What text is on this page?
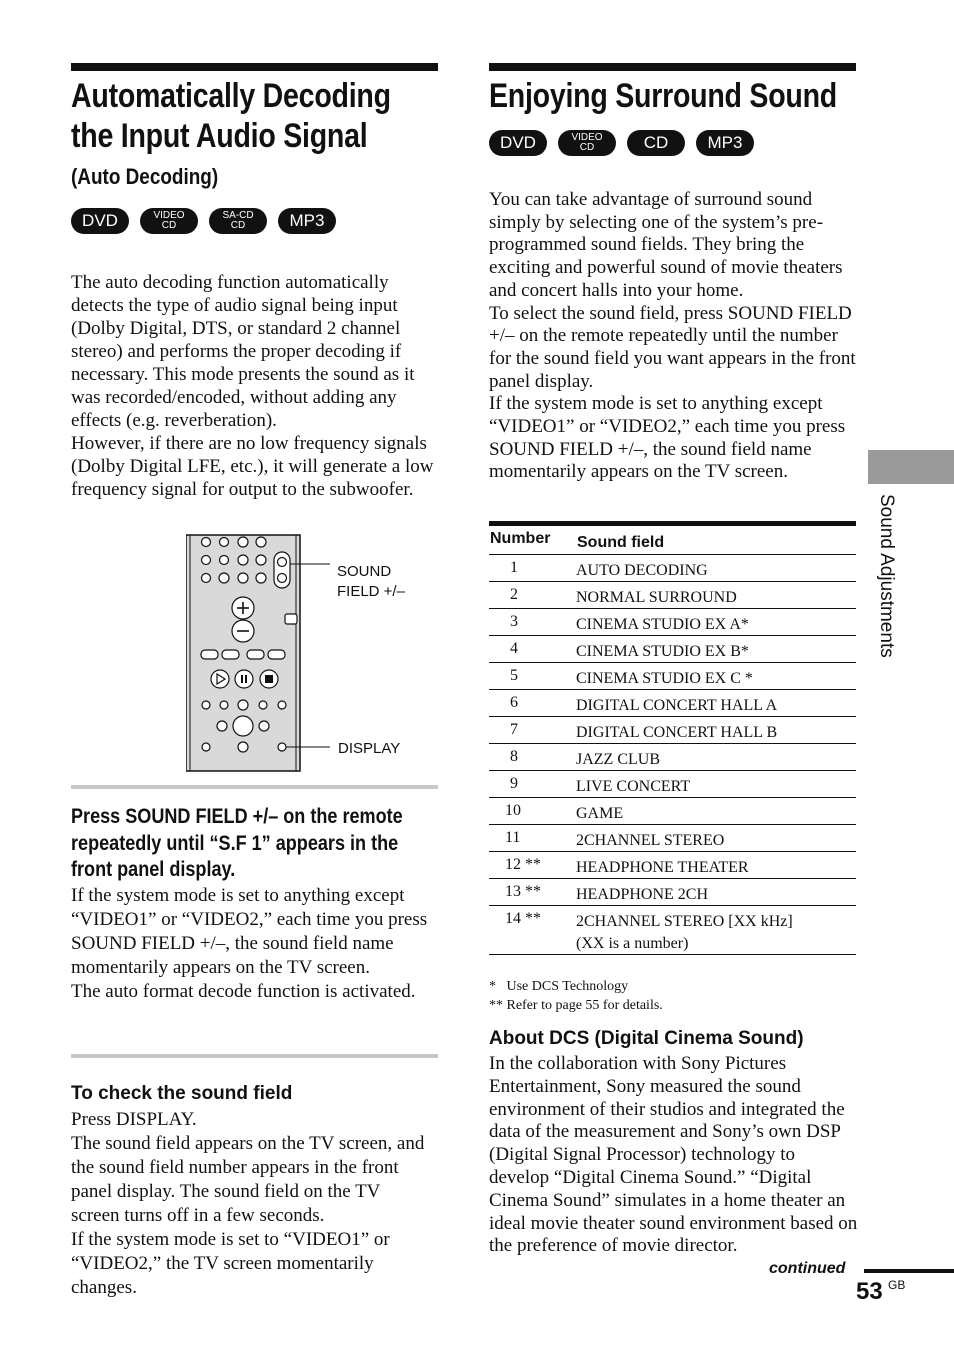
Automatically Decoding
the Input Audio Signal
(Auto Decoding)
DVD	VIDEO
CD
SA-CD
CD	MP3

The auto decoding function automatically detects the type of audio signal being input (Dolby Digital, DTS, or standard 2 channel stereo) and performs the proper decoding if necessary. This mode presents the sound as it was recorded/encoded, without adding any effects (e.g. reverberation).

However, if there are no low frequency signals (Dolby Digital LFE, etc.), it will generate a low frequency signal for output to the subwoofer.

SOUND FIELD +/–
DISPLAY
Press SOUND FIELD +/– on the remote repeatedly until “S.F 1” appears in the front panel display.

If the system mode is set to anything except “VIDEO1” or “VIDEO2,” each time you press SOUND FIELD +/–, the sound field name momentarily appears on the TV screen.

The auto format decode function is activated.

To check the sound field

Press DISPLAY.

The sound field appears on the TV screen, and the sound field number appears in the front panel display. The sound field on the TV screen turns off in a few seconds.

If the system mode is set to “VIDEO1” or “VIDEO2,” the TV screen momentarily changes.

Enjoying Surround Sound
DVD	VIDEO
CD	CD	MP3

You can take advantage of surround sound simply by selecting one of the system’s pre-programmed sound fields. They bring the exciting and powerful sound of movie theaters and concert halls into your home.

To select the sound field, press SOUND FIELD +/– on the remote repeatedly until the number for the sound field you want appears in the front panel display.

If the system mode is set to anything except “VIDEO1” or “VIDEO2,” each time you press SOUND FIELD +/–, the sound field name momentarily appears on the TV screen.

Number	Sound field
1	AUTO DECODING
2	NORMAL SURROUND
3	CINEMA STUDIO EX A*
4	CINEMA STUDIO EX B*
5	CINEMA STUDIO EX C *
6	DIGITAL CONCERT HALL A
7	DIGITAL CONCERT HALL B
8	JAZZ CLUB
9	LIVE CONCERT
10	GAME
11	2CHANNEL STEREO
12 **	HEADPHONE THEATER
13 **	HEADPHONE 2CH
14 **	2CHANNEL STEREO [XX kHz]
(XX is a number)
*   Use DCS Technology
** Refer to page 55 for details.
About DCS (Digital Cinema Sound)

In the collaboration with Sony Pictures Entertainment, Sony measured the sound environment of their studios and integrated the data of the measurement and Sony’s own DSP (Digital Signal Processor) technology to develop “Digital Cinema Sound.” “Digital Cinema Sound” simulates in a home theater an ideal movie theater sound environment based on the preference of movie director.

Sound Adjustments
continued
53 GB
